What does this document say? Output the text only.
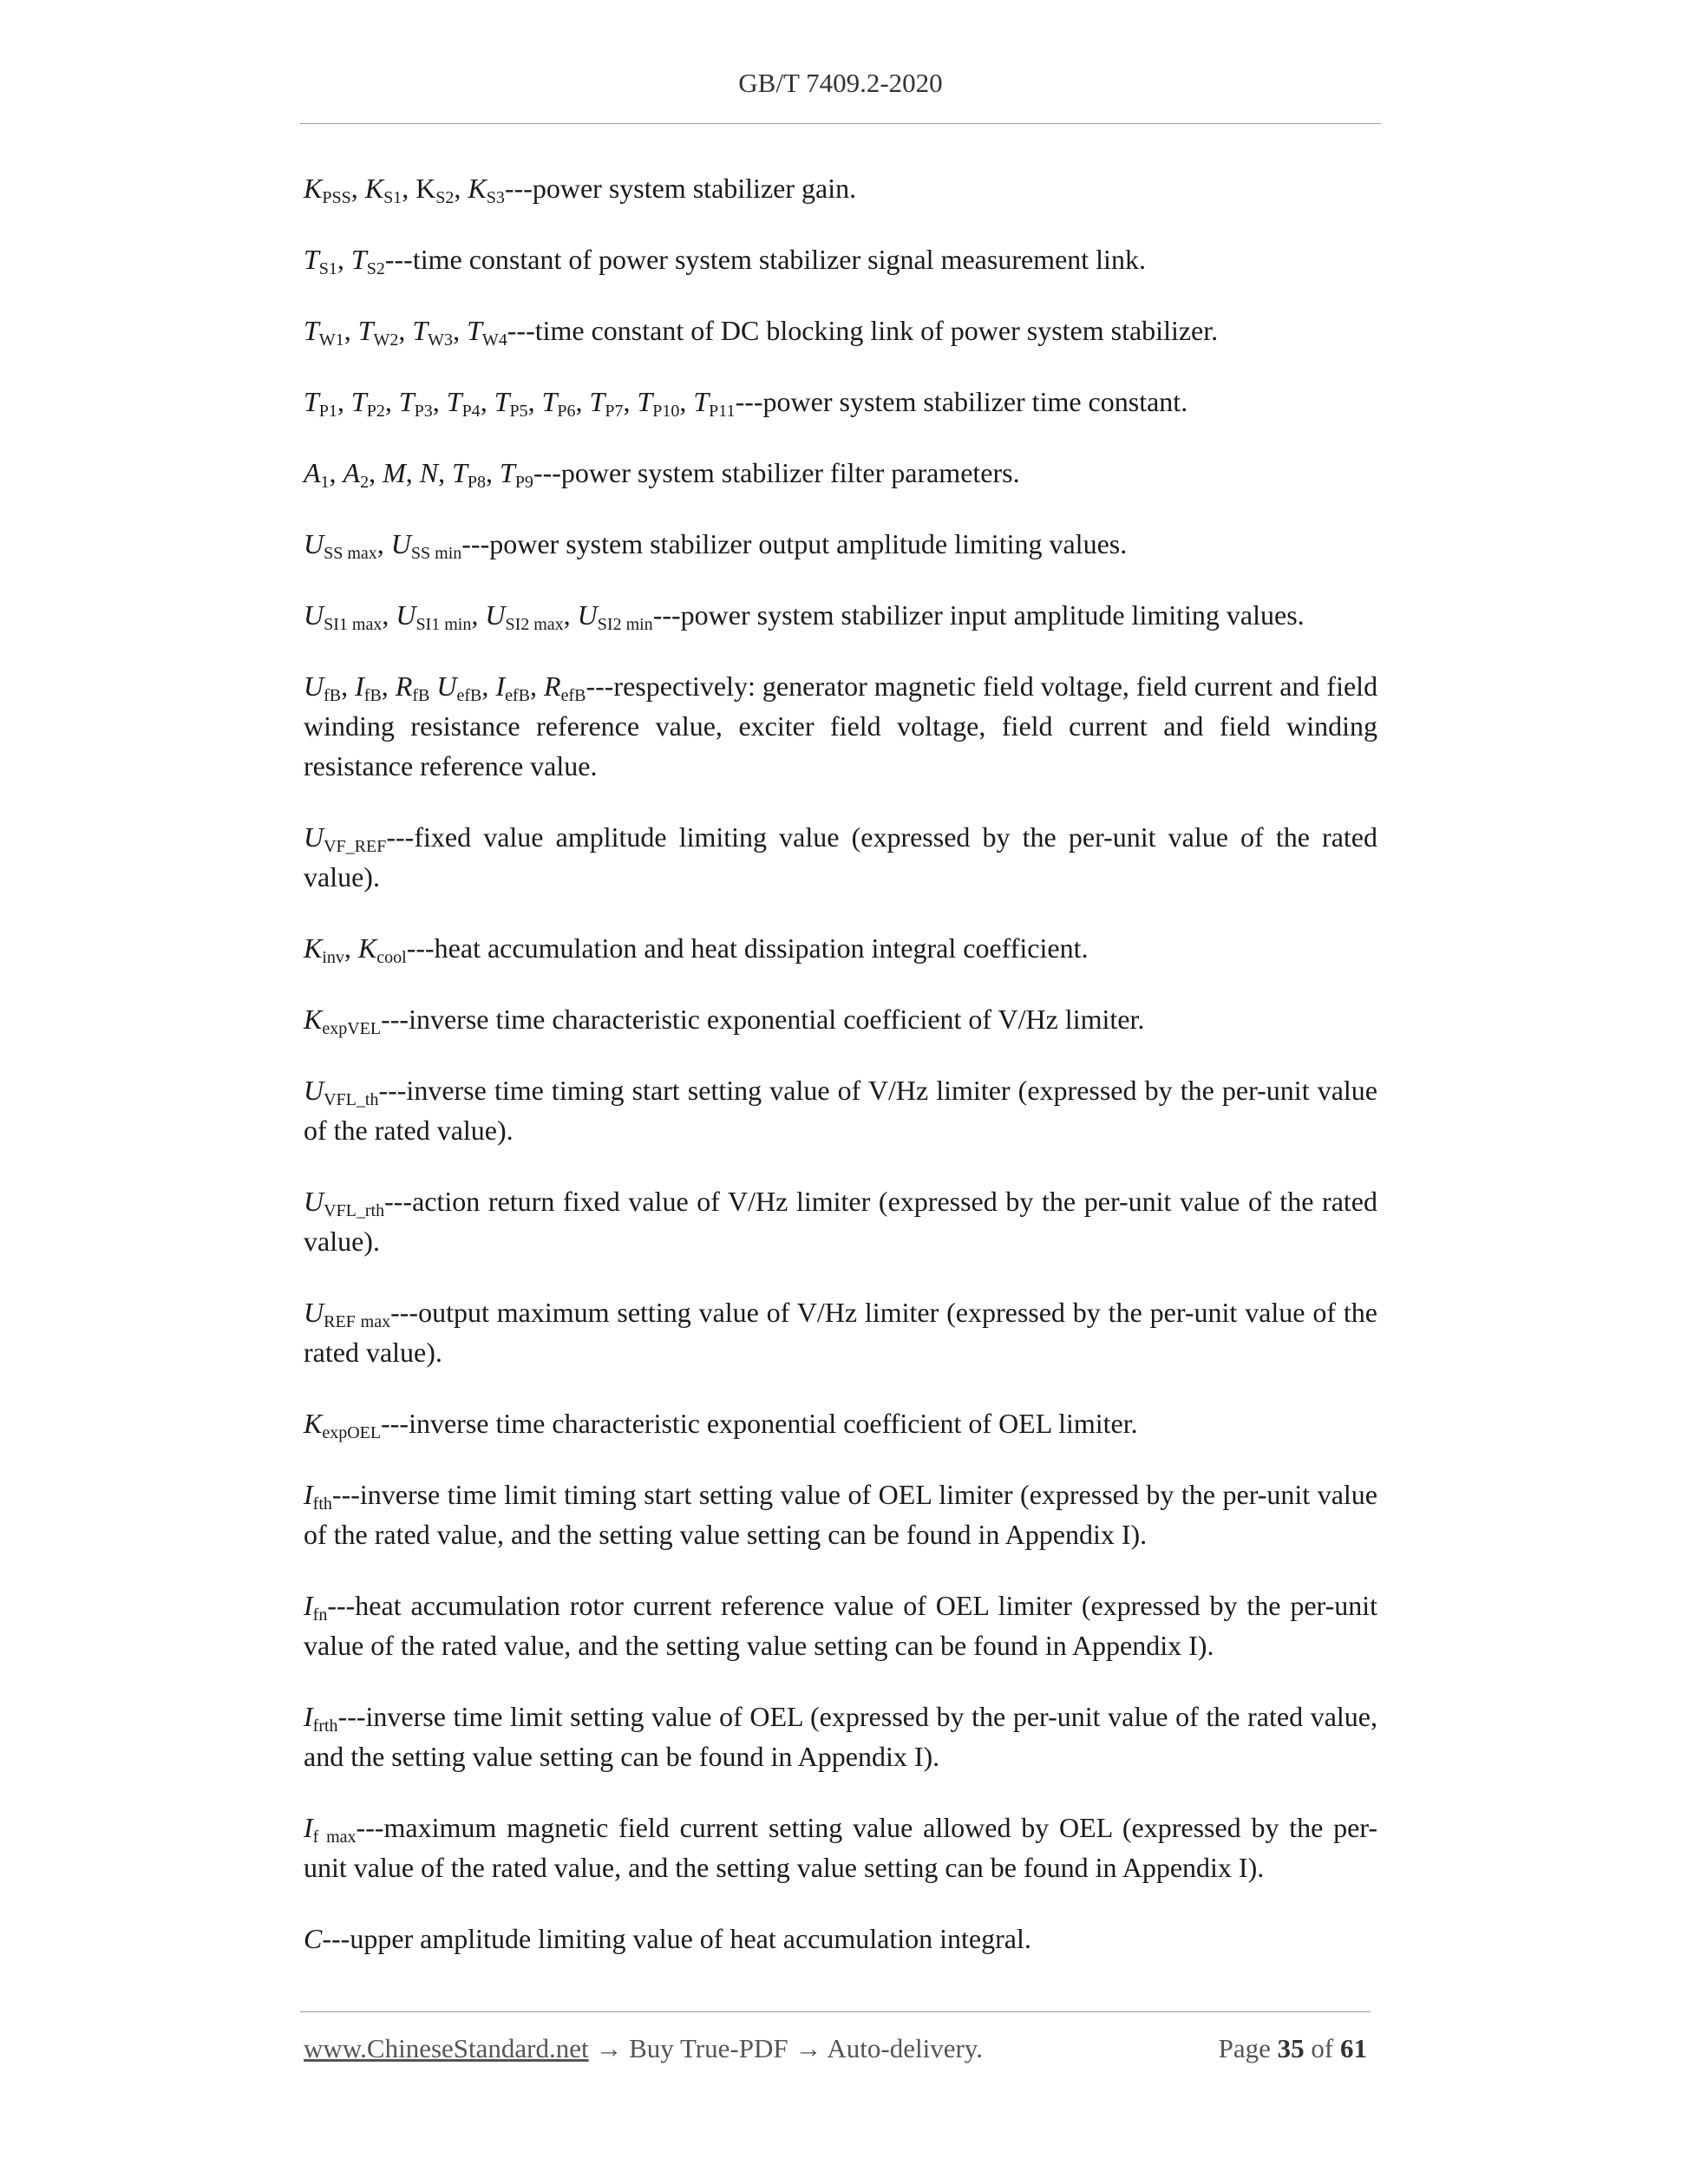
GB/T 7409.2-2020

$K_{PSS}$, $K_{S1}$, $K_{S2}$, $K_{S3}--$-power system stabilizer gain.

$T_{S1}$, $T_{S2}--$-time constant of power system stabilizer signal measurement link.

$T_{W1}$, $T_{W2}$, $T_{W3}$, $T_{W4}--$-time constant of DC blocking link of power system stabilizer.

$T_{P1}$, $T_{P2}$, $T_{P3}$, $T_{P4}$, $T_{P5}$, $T_{P6}$, $T_{P7}$, $T_{P10}$, $T_{P11}--$-power system stabilizer time constant.

$A_1$, $A_2$, M, N, $T_{P8}$, $T_{P9}--$-power system stabilizer filter parameters.

$U_{SS max}$, $U_{SS min}--$-power system stabilizer output amplitude limiting values.

$U_{SI1 max}$, $U_{SI1 min}$, $U_{SI2 max}$, $U_{SI2 min}--$-power system stabilizer input amplitude limiting values.

$U_{fB}$, $I_{fB}$, $R_{fB}$ $U_{efB}$, $I_{efB}$, $R_{efB}--$-respectively: generator magnetic field voltage, field current and field winding resistance reference value, exciter field voltage, field current and field winding resistance reference value.

$U_{VF\_REF}--$-fixed value amplitude limiting value (expressed by the per-unit value of the rated value).

$K_{inv}$, $K_{cool}--$-heat accumulation and heat dissipation integral coefficient.

$K_{expVEL}--$-inverse time characteristic exponential coefficient of V/Hz limiter.

$U_{VFL\_th}--$-inverse time timing start setting value of V/Hz limiter (expressed by the per-unit value of the rated value).

$U_{VFL\_rth}--$-action return fixed value of V/Hz limiter (expressed by the per-unit value of the rated value).

$U_{REF max}--$-output maximum setting value of V/Hz limiter (expressed by the per-unit value of the rated value).

$K_{expOEL}--$-inverse time characteristic exponential coefficient of OEL limiter.

$I_{fth}--$-inverse time limit timing start setting value of OEL limiter (expressed by the per-unit value of the rated value, and the setting value setting can be found in Appendix I).

$I_{fn}--$-heat accumulation rotor current reference value of OEL limiter (expressed by the per-unit value of the rated value, and the setting value setting can be found in Appendix I).

$I_{frth}--$-inverse time limit setting value of OEL (expressed by the per-unit value of the rated value, and the setting value setting can be found in Appendix I).

$I_{f max}--$-maximum magnetic field current setting value allowed by OEL (expressed by the per-unit value of the rated value, and the setting value setting can be found in Appendix I).

C---upper amplitude limiting value of heat accumulation integral.

www.ChineseStandard.net → Buy True-PDF → Auto-delivery.	Page 35 of 61
